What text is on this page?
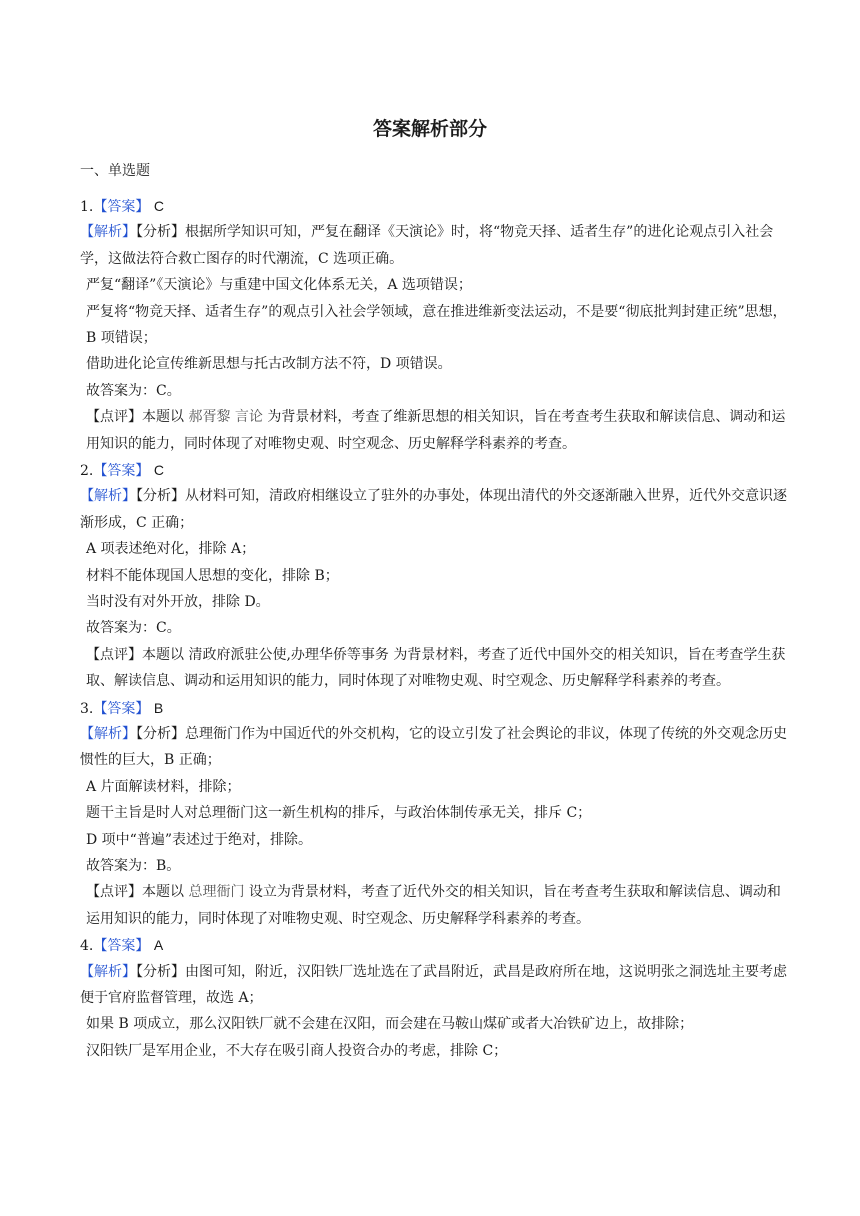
答案解析部分
一、单选题
1.【答案】 C
【解析】【分析】根据所学知识可知，严复在翻译《天演论》时，将“物竞天择、适者生存”的进化论观点引入社会学，这做法符合救亡图存的时代潮流，C 选项正确。
严复“翻译”《天演论》与重建中国文化体系无关，A 选项错误；
严复将“物竞天择、适者生存”的观点引入社会学领域，意在推进维新变法运动，不是要“彻底批判封建正统”思想，B 项错误；
借助进化论宣传维新思想与托古改制方法不符，D 项错误。
故答案为：C。
【点评】本题以 郝胥黎 言论 为背景材料，考查了维新思想的相关知识，旨在考查考生获取和解读信息、调动和运用知识的能力，同时体现了对唯物史观、时空观念、历史解释学科素养的考查。
2.【答案】 C
【解析】【分析】从材料可知，清政府相继设立了驻外的办事处，体现出清代的外交逐渐融入世界，近代外交意识逐渐形成，C 正确；
A 项表述绝对化，排除 A；
材料不能体现国人思想的变化，排除 B；
当时没有对外开放，排除 D。
故答案为：C。
【点评】本题以 清政府派驻公使,办理华侨等事务 为背景材料，考查了近代中国外交的相关知识，旨在考查学生获取、解读信息、调动和运用知识的能力，同时体现了对唯物史观、时空观念、历史解释学科素养的考查。
3.【答案】 B
【解析】【分析】总理衙门作为中国近代的外交机构，它的设立引发了社会舆论的非议，体现了传统的外交观念历史惯性的巨大，B 正确；
A 片面解读材料，排除；
题干主旨是时人对总理衙门这一新生机构的排斥，与政治体制传承无关，排斥 C；
D 项中“普遍”表述过于绝对，排除。
故答案为：B。
【点评】本题以 总理衙门 设立为背景材料，考查了近代外交的相关知识，旨在考查考生获取和解读信息、调动和运用知识的能力，同时体现了对唯物史观、时空观念、历史解释学科素养的考查。
4.【答案】 A
【解析】【分析】由图可知，附近，汉阳铁厂选址选在了武昌附近，武昌是政府所在地，这说明张之洞选址主要考虑便于官府监督管理，故选 A；
如果 B 项成立，那么汉阳铁厂就不会建在汉阳，而会建在马鞍山煤矿或者大冶铁矿边上，故排除；
汉阳铁厂是军用企业，不大存在吸引商人投资合办的考虑，排除 C；
